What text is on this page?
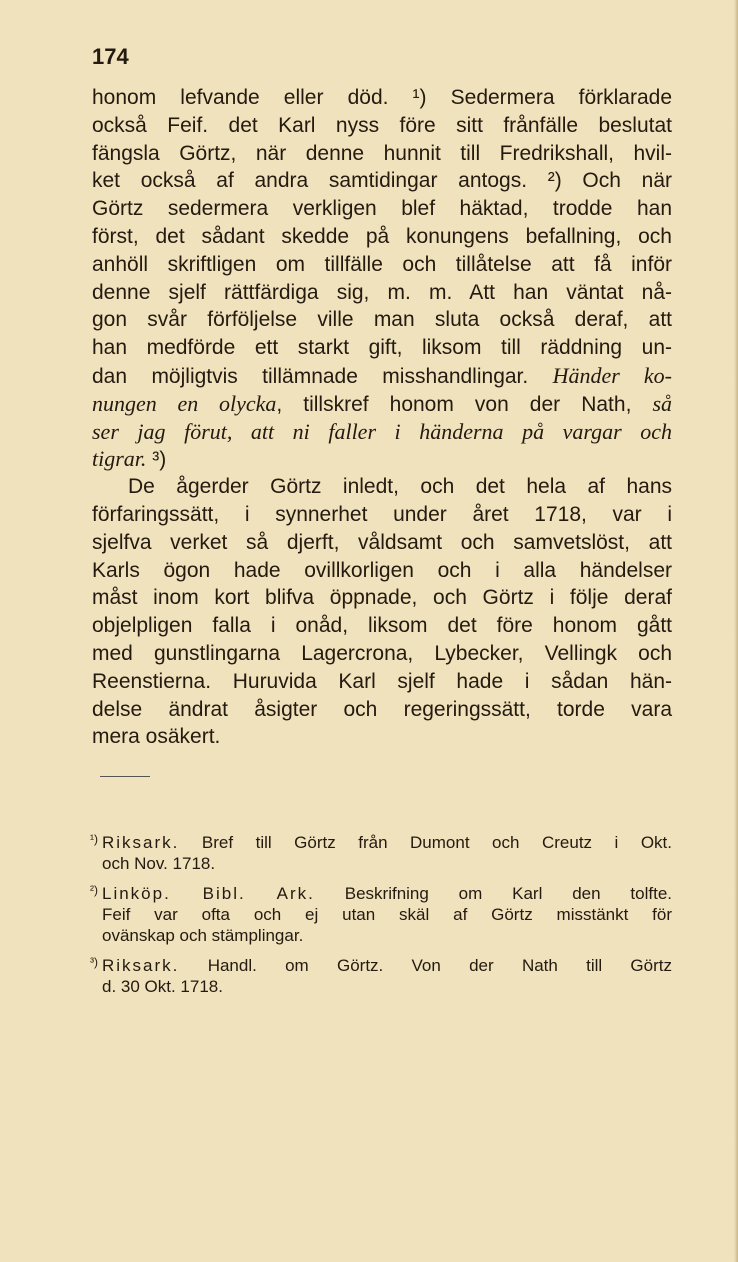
174
honom lefvande eller död. ¹) Sedermera förklarade
också Feif. det Karl nyss före sitt frånfälle beslutat
fängsla Görtz, när denne hunnit till Fredrikshall, hvil-
ket också af andra samtidingar antogs. ²) Och när
Görtz sedermera verkligen blef häktad, trodde han
först, det sådant skedde på konungens befallning, och
anhöll skriftligen om tillfälle och tillåtelse att få inför
denne sjelf rättfärdiga sig, m. m. Att han väntat nå-
gon svår förföljelse ville man sluta också deraf, att
han medförde ett starkt gift, liksom till räddning un-
dan möjligtvis tillämnade misshandlingar. Händer ko-
nungen en olycka, tillskref honom von der Nath, så
ser jag förut, att ni faller i händerna på vargar och
tigrar. ³)
De ågerder Görtz inledt, och det hela af hans
förfaringssätt, i synnerhet under året 1718, var i
sjelfva verket så djerft, våldsamt och samvetslöst, att
Karls ögon hade ovillkorligen och i alla händelser
måst inom kort blifva öppnade, och Görtz i följe deraf
objelpligen falla i onåd, liksom det före honom gått
med gunstlingarna Lagercrona, Lybecker, Vellingk och
Reenstierna. Huruvida Karl sjelf hade i sådan hän-
delse ändrat åsigter och regeringssätt, torde vara
mera osäkert.
¹) Riksark. Bref till Görtz från Dumont och Creutz i Okt.
och Nov. 1718.
²) Linköp. Bibl. Ark. Beskrifning om Karl den tolfte.
Feif var ofta och ej utan skäl af Görtz misstänkt för
ovänskap och stämplingar.
³) Riksark. Handl. om Görtz. Von der Nath till Görtz
d. 30 Okt. 1718.
